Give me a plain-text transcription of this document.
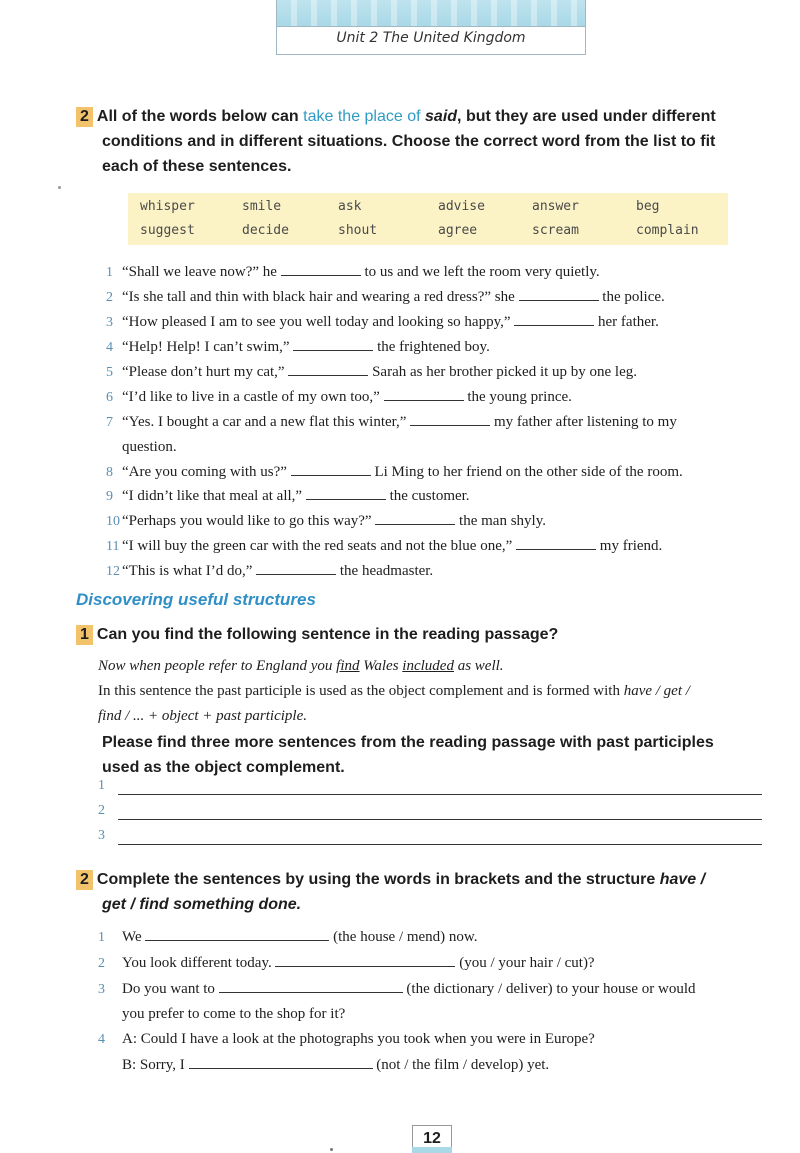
Unit 2 The United Kingdom
2 All of the words below can take the place of said, but they are used under different
conditions and in different situations. Choose the correct word from the list to fit
each of these sentences.
whisper	smile	ask	advise	answer	beg
suggest	decide	shout	agree	scream	complain
1 “Shall we leave now?” he	to us and we left the room very quietly.
2 “Is she tall and thin with black hair and wearing a red dress?” she	the police.
3 “How pleased I am to see you well today and looking so happy,”	her father.
4 “Help! Help! I can’t swim,”	the frightened boy.
5 “Please don’t hurt my cat,”	Sarah as her brother picked it up by one leg.
6 “I’d like to live in a castle of my own too,”	the young prince.
7 “Yes. I bought a car and a new flat this winter,”	my father after listening to my
question.
8 “Are you coming with us?”	Li Ming to her friend on the other side of the room.
9 “I didn’t like that meal at all,”	the customer.
10 “Perhaps you would like to go this way?”	the man shyly.
11 “I will buy the green car with the red seats and not the blue one,”	my friend.
12 “This is what I’d do,”	the headmaster.
Discovering useful structures
1 Can you find the following sentence in the reading passage?
Now when people refer to England you find Wales included as well.
In this sentence the past participle is used as the object complement and is formed with have / get /
find / ... + object + past participle.
Please find three more sentences from the reading passage with past participles
used as the object complement.
1
2
3
2 Complete the sentences by using the words in brackets and the structure have /
get / find something done.
1 We	(the house / mend) now.
2 You look different today.	(you / your hair / cut)?
3 Do you want to	(the dictionary / deliver) to your house or would
you prefer to come to the shop for it?
4 A: Could I have a look at the photographs you took when you were in Europe?
B: Sorry, I	(not / the film / develop) yet.
12
